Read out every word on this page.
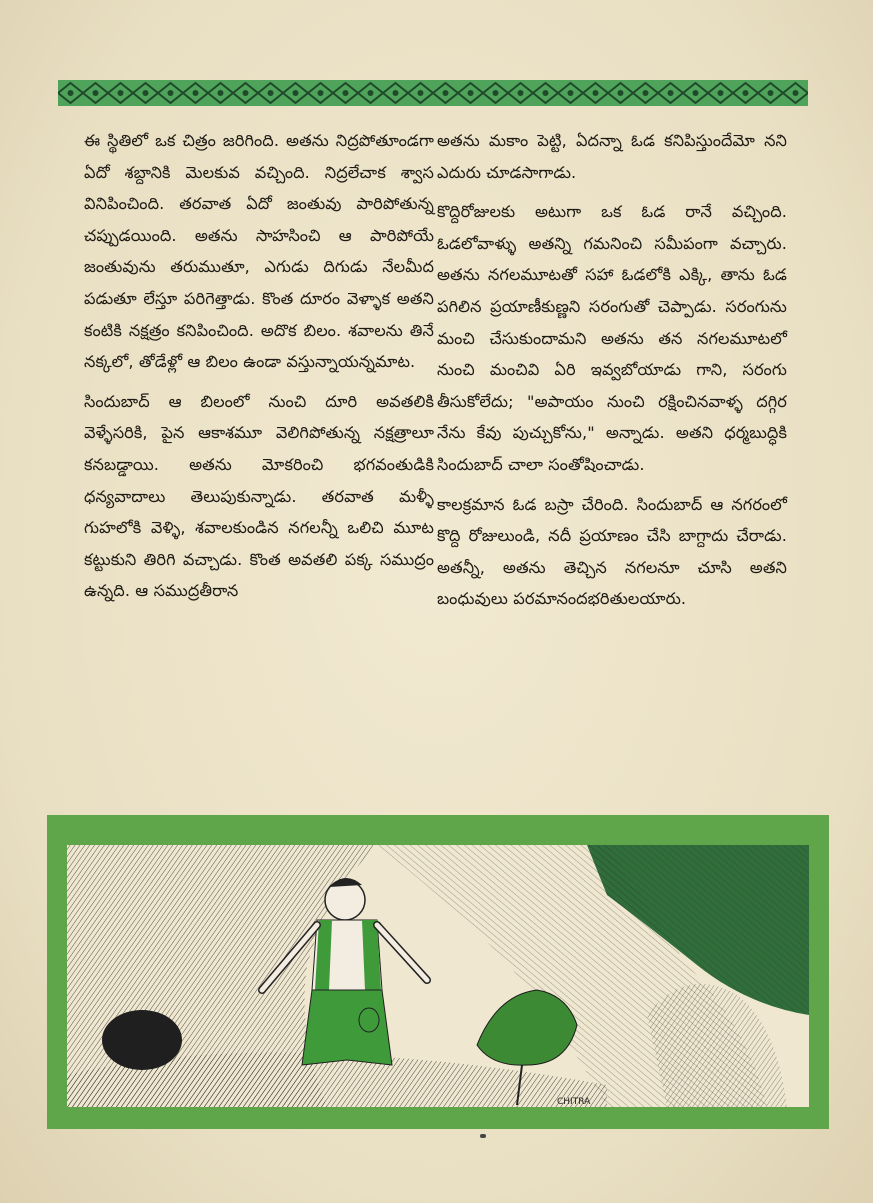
ఈ స్థితిలో ఒక చిత్రం జరిగింది. అతను నిద్రపోతూండగా ఏదో శబ్దానికి మెలకువ వచ్చింది. నిద్రలేచాక శ్వాస వినిపించింది. తరవాత ఏదో జంతువు పారిపోతున్న చప్పుడయింది. అతను సాహసించి ఆ పారిపోయే జంతువును తరుముతూ, ఎగుడు దిగుడు నేలమీద పడుతూ లేస్తూ పరిగెత్తాడు. కొంత దూరం వెళ్ళాక అతని కంటికి నక్షత్రం కనిపించింది. అదొక బిలం. శవాలను తినే నక్కలో, తోడేళ్లో ఆ బిలం ఉండా వస్తున్నాయన్నమాట.

సిందుబాద్ ఆ బిలంలో నుంచి దూరి అవతలికి వెళ్ళేసరికి, పైన ఆకాశమూ వెలిగిపోతున్న నక్షత్రాలూ కనబడ్డాయి. అతను మోకరించి భగవంతుడికి ధన్యవాదాలు తెలుపుకున్నాడు. తరవాత మళ్ళీ గుహలోకి వెళ్ళి, శవాలకుండిన నగలన్నీ ఒలిచి మూట కట్టుకుని తిరిగి వచ్చాడు. కొంత అవతలి పక్క సముద్రం ఉన్నది. ఆ సముద్రతీరాన

అతను మకాం పెట్టి, ఏదన్నా ఓడ కనిపిస్తుందేమో నని ఎదురు చూడసాగాడు.

కొద్దిరోజులకు అటుగా ఒక ఓడ రానే వచ్చింది. ఓడలోవాళ్ళు అతన్ని గమనించి సమీపంగా వచ్చారు. అతను నగలమూటతో సహా ఓడలోకి ఎక్కి, తాను ఓడ పగిలిన ప్రయాణీకుణ్ణని సరంగుతో చెప్పాడు. సరంగును మంచి చేసుకుందామని అతను తన నగలమూటలో నుంచి మంచివి ఏరి ఇవ్వబోయాడు గాని, సరంగు తీసుకోలేదు; "అపాయం నుంచి రక్షించినవాళ్ళ దగ్గిర నేను కేవు పుచ్చుకోను," అన్నాడు. అతని ధర్మబుద్ధికి సిందుబాద్ చాలా సంతోషించాడు.

కాలక్రమాన ఓడ బస్రా చేరింది. సిందుబాద్ ఆ నగరంలో కొద్ది రోజులుండి, నదీ ప్రయాణం చేసి బాగ్దాదు చేరాడు. అతన్నీ, అతను తెచ్చిన నగలనూ చూసి అతని బంధువులు పరమానందభరితులయారు.

CHITRA
